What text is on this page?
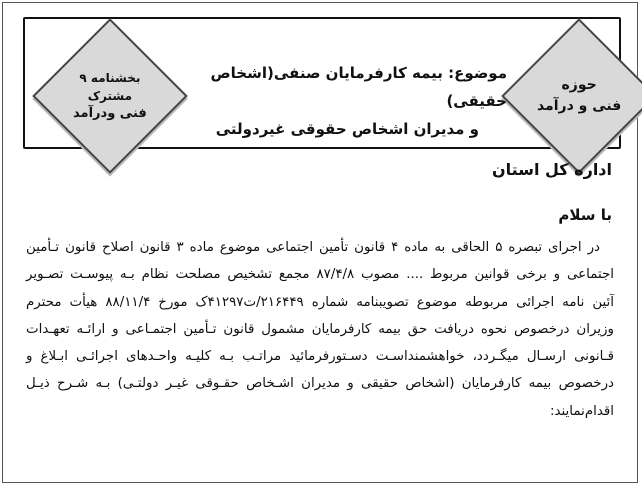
بخشنامه ۹
مشترک
فنی ودرآمد
حوزه
فنی و درآمد
موضوع: بیمه کارفرمایان صنفی(اشخاص حقیقی)
و مدیران اشخاص حقوقی غیردولتی
اداره کل استان
با سلام
در اجرای تبصره ۵ الحاقی به ماده ۴ قانون تأمین اجتماعی موضوع ماده ۳ قانون اصلاح قانون تـأمین
اجتماعی و برخی قوانین مربوط .... مصوب ۸۷/۴/۸ مجمع تشخیص مصلحت نظام بـه پیوسـت تصـویر
آئین نامه اجرائی مربوطه موضوع تصویبنامه شماره ۲۱۶۴۴۹/ت۴۱۲۹۷ک مورخ ۸۸/۱۱/۴ هیأت محترم
وزیران درخصوص نحوه دریافت حق بیمه کارفرمایان مشمول قانون تـأمین اجتمـاعی و ارائـه تعهـدات
قـانونی ارسـال میگـردد، خواهشمنداسـت دسـتورفرمائید مراتـب بـه کلیـه واحـدهای اجرائـی ابـلاغ و
درخصوص بیمه کارفرمایان (اشخاص حقیقی و مدیران اشـخاص حقـوقی غیـر دولتـی) بـه شـرح ذیـل
اقدام‌نمایند:
